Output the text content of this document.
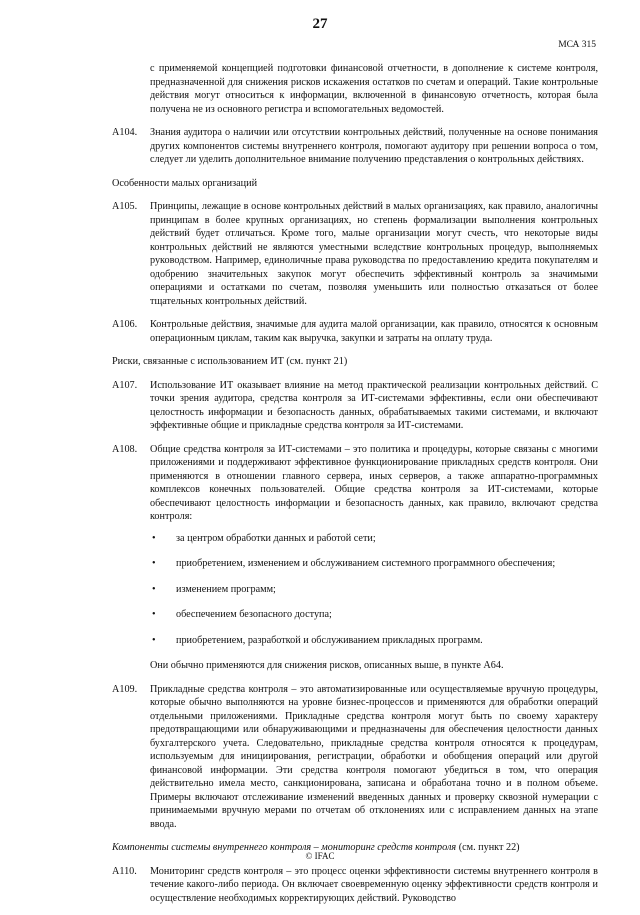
27
МСА 315

с применяемой концепцией подготовки финансовой отчетности, в дополнение к системе контроля, предназначенной для снижения рисков искажения остатков по счетам и операций. Такие контрольные действия могут относиться к информации, включенной в финансовую отчетность, которая была получена не из основного регистра и вспомогательных ведомостей.

A104.	Знания аудитора о наличии или отсутствии контрольных действий, полученные на основе понимания других компонентов системы внутреннего контроля, помогают аудитору при решении вопроса о том, следует ли уделить дополнительное внимание получению представления о контрольных действиях.
Особенности малых организаций
A105.	Принципы, лежащие в основе контрольных действий в малых организациях, как правило, аналогичны принципам в более крупных организациях, но степень формализации выполнения контрольных действий будет отличаться. Кроме того, малые организации могут счесть, что некоторые виды контрольных действий не являются уместными вследствие контрольных процедур, выполняемых руководством. Например, единоличные права руководства по предоставлению кредита покупателям и одобрению значительных закупок могут обеспечить эффективный контроль за значимыми операциями и остатками по счетам, позволяя уменьшить или полностью отказаться от более тщательных контрольных действий.
A106.	Контрольные действия, значимые для аудита малой организации, как правило, относятся к основным операционным циклам, таким как выручка, закупки и затраты на оплату труда.
Риски, связанные с использованием ИТ (см. пункт 21)
A107.	Использование ИТ оказывает влияние на метод практической реализации контрольных действий. С точки зрения аудитора, средства контроля за ИТ-системами эффективны, если они обеспечивают целостность информации и безопасность данных, обрабатываемых такими системами, и включают эффективные общие и прикладные средства контроля за ИТ-системами.
A108.	Общие средства контроля за ИТ-системами – это политика и процедуры, которые связаны с многими приложениями и поддерживают эффективное функционирование прикладных средств контроля. Они применяются в отношении главного сервера, иных серверов, а также аппаратно-программных комплексов конечных пользователей. Общие средства контроля за ИТ-системами, которые обеспечивают целостность информации и безопасность данных, как правило, включают средства контроля:
• за центром обработки данных и работой сети;
• приобретением, изменением и обслуживанием системного программного обеспечения;
• изменением программ;
• обеспечением безопасного доступа;
• приобретением, разработкой и обслуживанием прикладных программ.

Они обычно применяются для снижения рисков, описанных выше, в пункте A64.

A109.	Прикладные средства контроля – это автоматизированные или осуществляемые вручную процедуры, которые обычно выполняются на уровне бизнес-процессов и применяются для обработки операций отдельными приложениями. Прикладные средства контроля могут быть по своему характеру предотвращающими или обнаруживающими и предназначены для обеспечения целостности данных бухгалтерского учета. Следовательно, прикладные средства контроля относятся к процедурам, используемым для инициирования, регистрации, обработки и обобщения операций или другой финансовой информации. Эти средства контроля помогают убедиться в том, что операция действительно имела место, санкционирована, записана и обработана точно и в полном объеме. Примеры включают отслеживание изменений введенных данных и проверку сквозной нумерации с принимаемыми вручную мерами по отчетам об отклонениях или с исправлением данных на этапе ввода.
Компоненты системы внутреннего контроля – мониторинг средств контроля (см. пункт 22)
A110.	Мониторинг средств контроля – это процесс оценки эффективности системы внутреннего контроля в течение какого-либо периода. Он включает своевременную оценку эффективности средств контроля и осуществление необходимых корректирующих действий. Руководство
© IFAC
